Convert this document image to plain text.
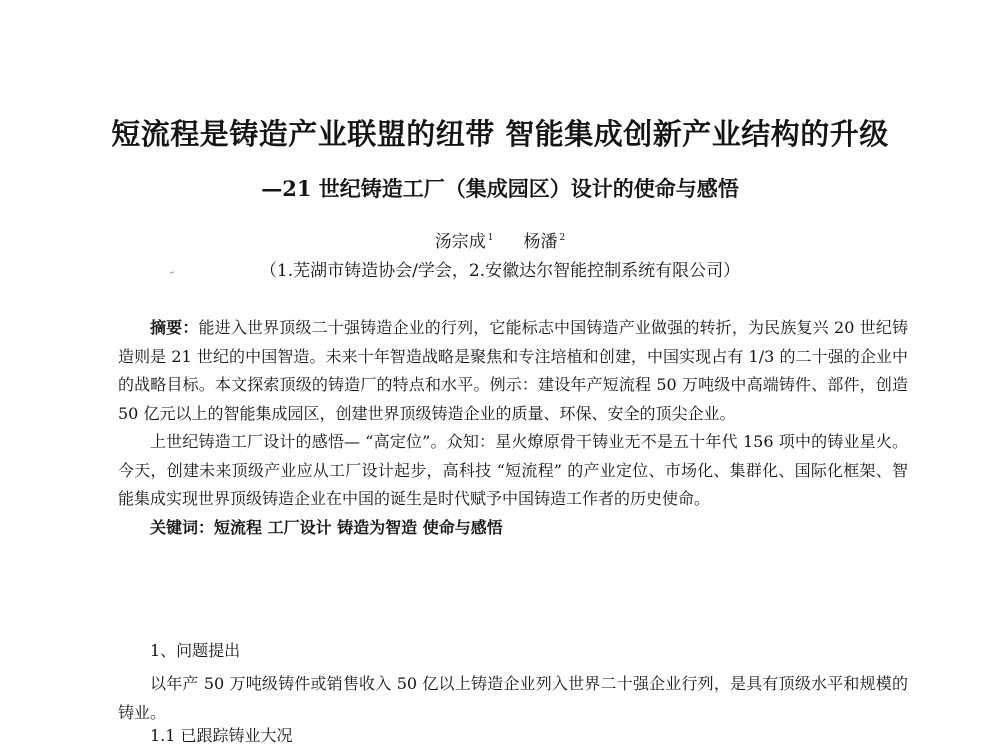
短流程是铸造产业联盟的纽带 智能集成创新产业结构的升级
—21 世纪铸造工厂（集成园区）设计的使命与感悟
汤宗成 $^1$ 杨潘 $^2$
（1.芜湖市铸造协会/学会，2.安徽达尔智能控制系统有限公司）

摘要：能进入世界顶级二十强铸造企业的行列，它能标志中国铸造产业做强的转折，为民族复兴 20 世纪铸造则是 21 世纪的中国智造。未来十年智造战略是聚焦和专注培植和创建，中国实现占有 1/3 的二十强的企业中的战略目标。本文探索顶级的铸造厂的特点和水平。例示：建设年产短流程 50 万吨级中高端铸件、部件，创造 50 亿元以上的智能集成园区，创建世界顶级铸造企业的质量、环保、安全的顶尖企业。

上世纪铸造工厂设计的感悟— “高定位”。众知：星火燎原骨干铸业无不是五十年代 156 项中的铸业星火。今天，创建未来顶级产业应从工厂设计起步，高科技 “短流程” 的产业定位、市场化、集群化、国际化框架、智能集成实现世界顶级铸造企业在中国的诞生是时代赋予中国铸造工作者的历史使命。

关键词：短流程 工厂设计 铸造为智造 使命与感悟

1、问题提出

以年产 50 万吨级铸件或销售收入 50 亿以上铸造企业列入世界二十强企业行列，是具有顶级水平和规模的铸业。

1.1 已跟踪铸业大况
